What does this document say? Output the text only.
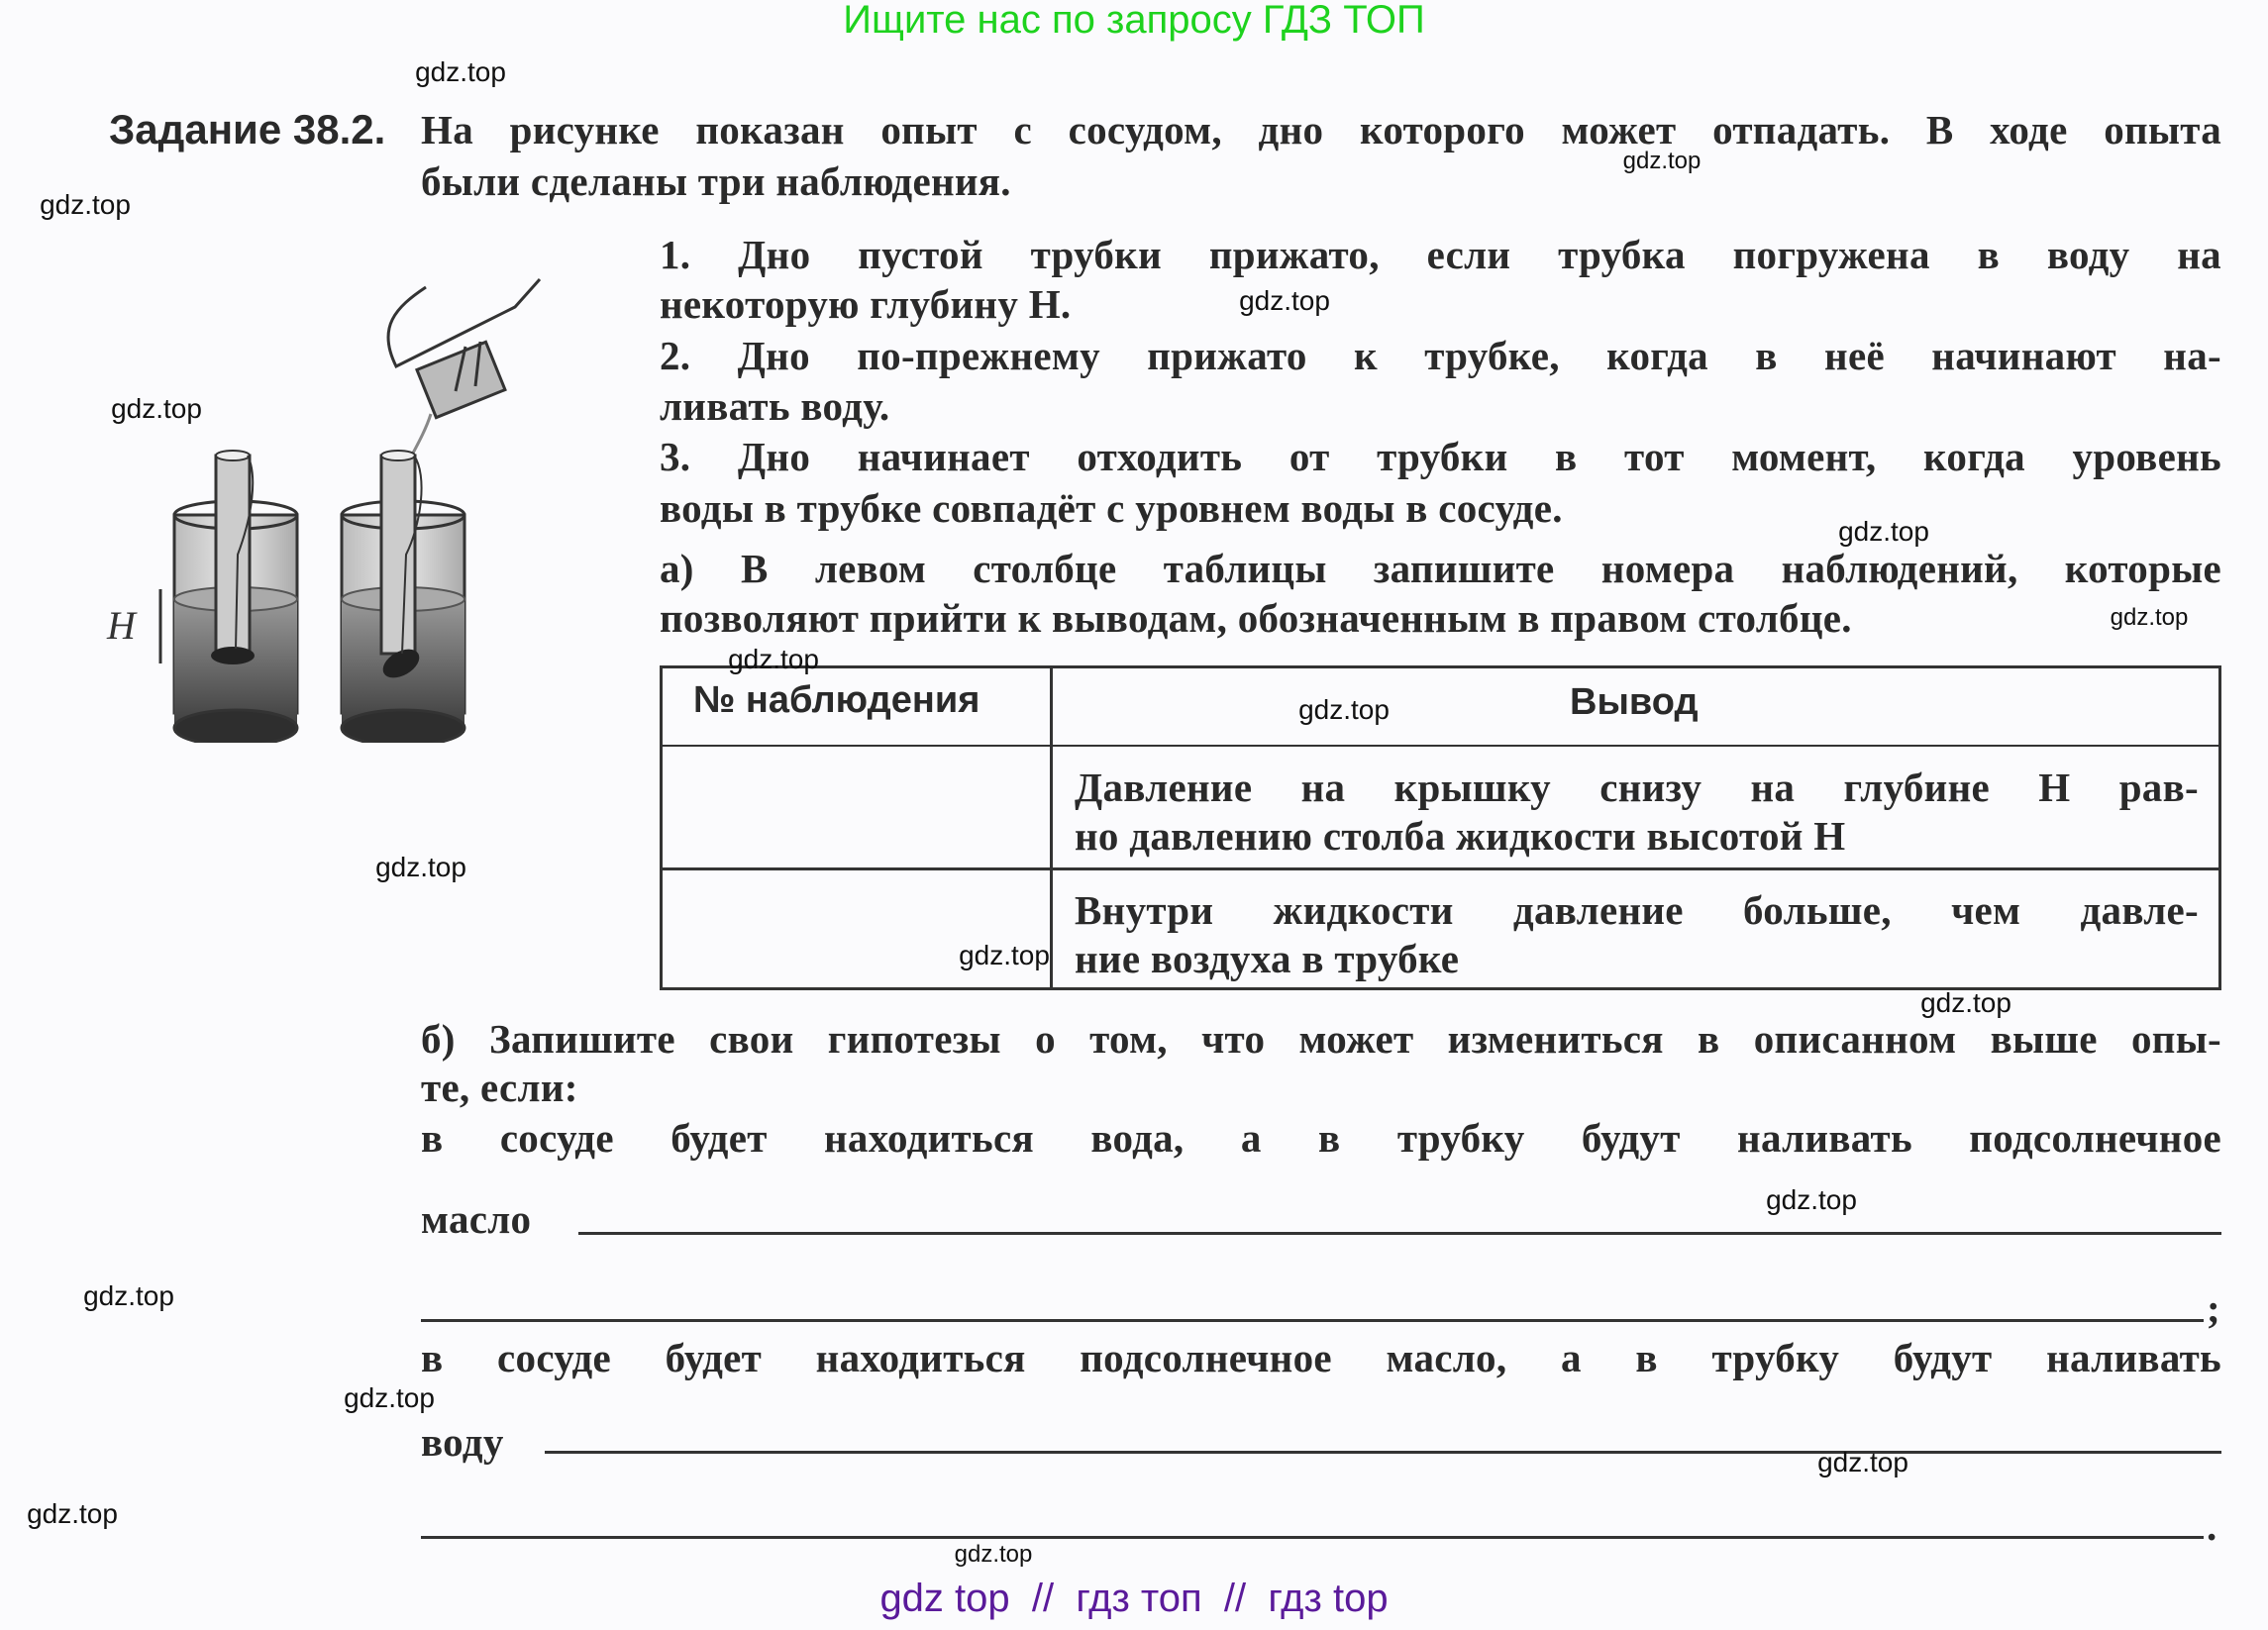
Ищите нас по запросу ГДЗ ТОП
Задание 38.2. На рисунке показан опыт с сосудом, дно которого может отпадать. В ходе опыта
были сделаны три наблюдения.
1. Дно пустой трубки прижато, если трубка погружена в воду на
некоторую глубину H.
2. Дно по-прежнему прижато к трубке, когда в неё начинают на-
ливать воду.
3. Дно начинает отходить от трубки в тот момент, когда уровень
воды в трубке совпадёт с уровнем воды в сосуде.
а) В левом столбце таблицы запишите номера наблюдений, которые
позволяют прийти к выводам, обозначенным в правом столбце.
H
№ наблюдения	Вывод
Давление на крышку снизу на глубине H рав-
но давлению столба жидкости высотой H
Внутри жидкости давление больше, чем давле-
ние воздуха в трубке
б) Запишите свои гипотезы о том, что может измениться в описанном выше опы-
те, если:
в сосуде будет находиться вода, а в трубку будут наливать подсолнечное
масло
;
в сосуде будет находиться подсолнечное масло, а в трубку будут наливать
воду
.
gdz.top
gdz.top
gdz.top
gdz.top
gdz.top
gdz.top
gdz.top
gdz.top
gdz.top
gdz.top
gdz.top
gdz.top
gdz.top
gdz.top
gdz.top
gdz.top
gdz.top
gdz.top
gdz top  //  гдз топ  //  гдз top
